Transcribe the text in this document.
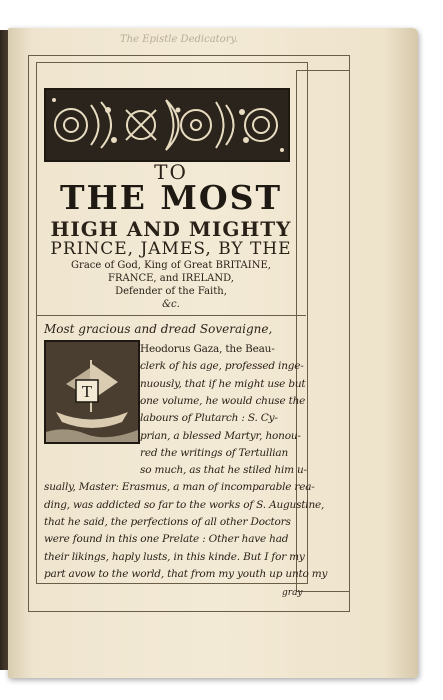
The Epistle Dedicatory.
TO
THE MOST
HIGH AND MIGHTY
PRINCE, JAMES, BY THE
Grace of God, King of Great BRITAINE,
FRANCE, and IRELAND,
Defender of the Faith,
&c.
Most gracious and dread Soveraigne,
T
Heodorus Gaza, the Beau-
clerk of his age, professed inge-
nuously, that if he might use but
one volume, he would chuse the
labours of Plutarch : S. Cy-
prian, a blessed Martyr, honou-
red the writings of Tertullian
so much, as that he stiled him u-
sually, Master: Erasmus, a man of incomparable rea-
ding, was addicted so far to the works of S. Augustine,
that he said, the perfections of all other Doctors
were found in this one Prelate : Other have had
their likings, haply lusts, in this kinde. But I for my
part avow to the world, that from my youth up unto my
gray
